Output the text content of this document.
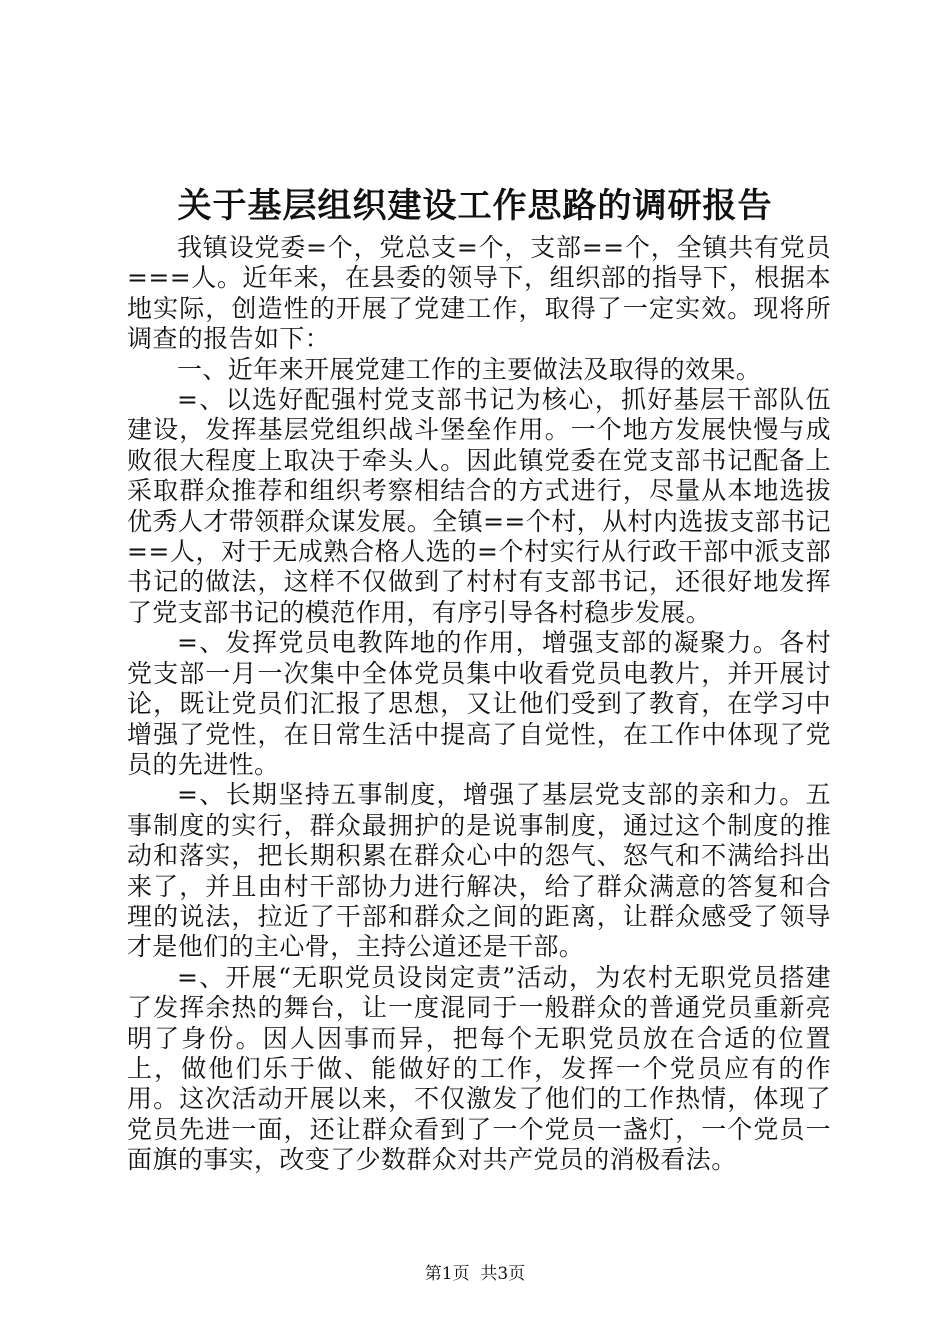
关于基层组织建设工作思路的调研报告

我镇设党委=个，党总支=个，支部==个，全镇共有党员===人。近年来，在县委的领导下，组织部的指导下，根据本地实际，创造性的开展了党建工作，取得了一定实效。现将所调查的报告如下：

一、近年来开展党建工作的主要做法及取得的效果。

=、以选好配强村党支部书记为核心，抓好基层干部队伍建设，发挥基层党组织战斗堡垒作用。一个地方发展快慢与成败很大程度上取决于牵头人。因此镇党委在党支部书记配备上采取群众推荐和组织考察相结合的方式进行，尽量从本地选拔优秀人才带领群众谋发展。全镇==个村，从村内选拔支部书记==人，对于无成熟合格人选的=个村实行从行政干部中派支部书记的做法，这样不仅做到了村村有支部书记，还很好地发挥了党支部书记的模范作用，有序引导各村稳步发展。

=、发挥党员电教阵地的作用，增强支部的凝聚力。各村党支部一月一次集中全体党员集中收看党员电教片，并开展讨论，既让党员们汇报了思想，又让他们受到了教育，在学习中增强了党性，在日常生活中提高了自觉性，在工作中体现了党员的先进性。

=、长期坚持五事制度，增强了基层党支部的亲和力。五事制度的实行，群众最拥护的是说事制度，通过这个制度的推动和落实，把长期积累在群众心中的怨气、怒气和不满给抖出来了，并且由村干部协力进行解决，给了群众满意的答复和合理的说法，拉近了干部和群众之间的距离，让群众感受了领导才是他们的主心骨，主持公道还是干部。

=、开展“无职党员设岗定责”活动，为农村无职党员搭建了发挥余热的舞台，让一度混同于一般群众的普通党员重新亮明了身份。因人因事而异，把每个无职党员放在合适的位置上，做他们乐于做、能做好的工作，发挥一个党员应有的作用。这次活动开展以来，不仅激发了他们的工作热情，体现了党员先进一面，还让群众看到了一个党员一盏灯，一个党员一面旗的事实，改变了少数群众对共产党员的消极看法。

第1页 共3页
